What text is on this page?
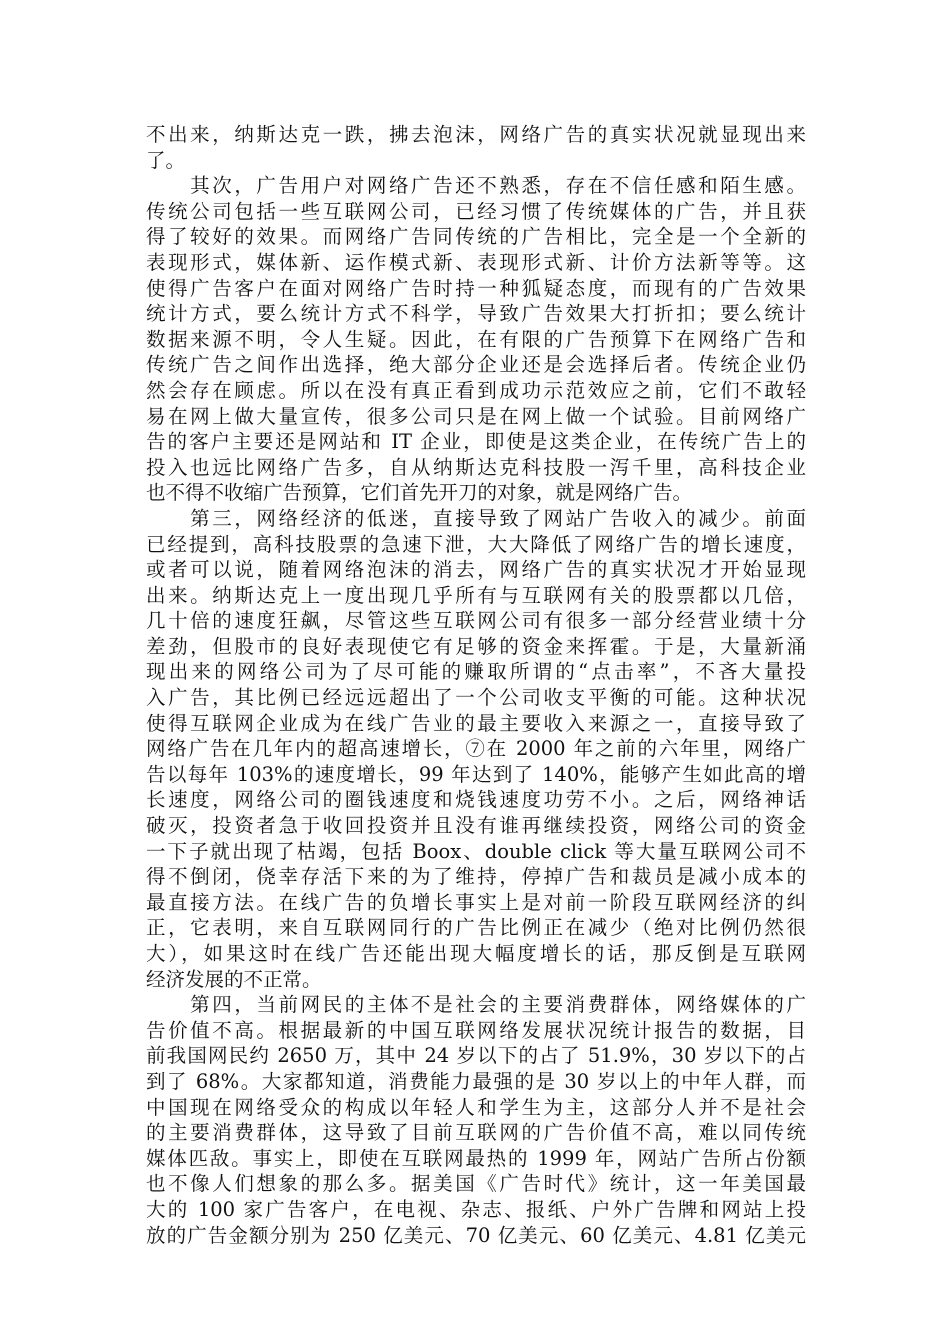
不出来，纳斯达克一跌，拂去泡沫，网络广告的真实状况就显现出来
了。
　　其次，广告用户对网络广告还不熟悉，存在不信任感和陌生感。
传统公司包括一些互联网公司，已经习惯了传统媒体的广告，并且获
得了较好的效果。而网络广告同传统的广告相比，完全是一个全新的
表现形式，媒体新、运作模式新、表现形式新、计价方法新等等。这
使得广告客户在面对网络广告时持一种狐疑态度，而现有的广告效果
统计方式，要么统计方式不科学，导致广告效果大打折扣；要么统计
数据来源不明，令人生疑。因此，在有限的广告预算下在网络广告和
传统广告之间作出选择，绝大部分企业还是会选择后者。传统企业仍
然会存在顾虑。所以在没有真正看到成功示范效应之前，它们不敢轻
易在网上做大量宣传，很多公司只是在网上做一个试验。目前网络广
告的客户主要还是网站和 IT 企业，即使是这类企业，在传统广告上的
投入也远比网络广告多，自从纳斯达克科技股一泻千里，高科技企业
也不得不收缩广告预算，它们首先开刀的对象，就是网络广告。
　　第三，网络经济的低迷，直接导致了网站广告收入的减少。前面
已经提到，高科技股票的急速下泄，大大降低了网络广告的增长速度，
或者可以说，随着网络泡沫的消去，网络广告的真实状况才开始显现
出来。纳斯达克上一度出现几乎所有与互联网有关的股票都以几倍，
几十倍的速度狂飙，尽管这些互联网公司有很多一部分经营业绩十分
差劲，但股市的良好表现使它有足够的资金来挥霍。于是，大量新涌
现出来的网络公司为了尽可能的赚取所谓的“点击率”，不吝大量投
入广告，其比例已经远远超出了一个公司收支平衡的可能。这种状况
使得互联网企业成为在线广告业的最主要收入来源之一，直接导致了
网络广告在几年内的超高速增长，⑦在 2000 年之前的六年里，网络广
告以每年 103%的速度增长，99 年达到了 140%，能够产生如此高的增
长速度，网络公司的圈钱速度和烧钱速度功劳不小。之后，网络神话
破灭，投资者急于收回投资并且没有谁再继续投资，网络公司的资金
一下子就出现了枯竭，包括 Boox、double click 等大量互联网公司不
得不倒闭，侥幸存活下来的为了维持，停掉广告和裁员是减小成本的
最直接方法。在线广告的负增长事实上是对前一阶段互联网经济的纠
正，它表明，来自互联网同行的广告比例正在减少（绝对比例仍然很
大），如果这时在线广告还能出现大幅度增长的话，那反倒是互联网
经济发展的不正常。
　　第四，当前网民的主体不是社会的主要消费群体，网络媒体的广
告价值不高。根据最新的中国互联网络发展状况统计报告的数据，目
前我国网民约 2650 万，其中 24 岁以下的占了 51.9%，30 岁以下的占
到了 68%。大家都知道，消费能力最强的是 30 岁以上的中年人群，而
中国现在网络受众的构成以年轻人和学生为主，这部分人并不是社会
的主要消费群体，这导致了目前互联网的广告价值不高，难以同传统
媒体匹敌。事实上，即使在互联网最热的 1999 年，网站广告所占份额
也不像人们想象的那么多。据美国《广告时代》统计，这一年美国最
大的 100 家广告客户，在电视、杂志、报纸、户外广告牌和网站上投
放的广告金额分别为 250 亿美元、70 亿美元、60 亿美元、4.81 亿美元
